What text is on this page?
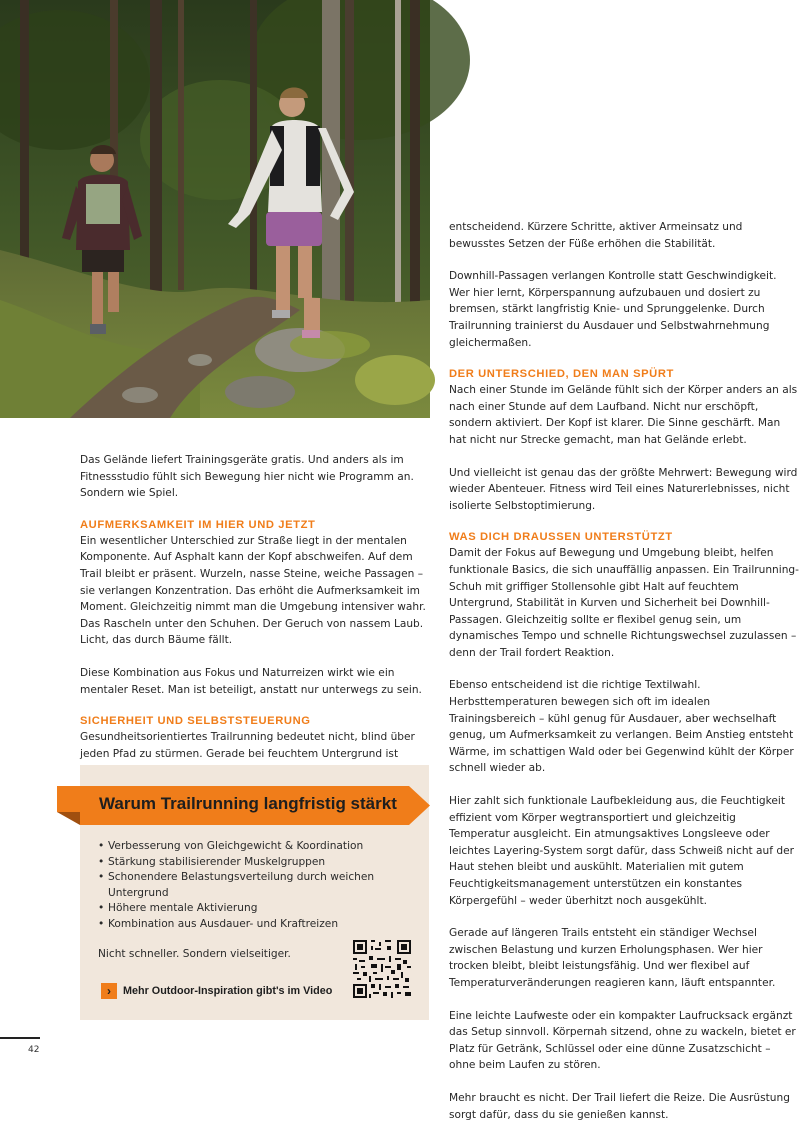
Das Gelände liefert Trainingsgeräte gratis. Und anders als im Fitnessstudio fühlt sich Bewegung hier nicht wie Programm an. Sondern wie Spiel.

AUFMERKSAMKEIT IM HIER UND JETZT

Ein wesentlicher Unterschied zur Straße liegt in der mentalen Komponente. Auf Asphalt kann der Kopf abschweifen. Auf dem Trail bleibt er präsent. Wurzeln, nasse Steine, weiche Passagen – sie verlangen Konzentration. Das erhöht die Aufmerksamkeit im Moment. Gleichzeitig nimmt man die Umgebung intensiver wahr. Das Rascheln unter den Schuhen. Der Geruch von nassem Laub. Licht, das durch Bäume fällt.

Diese Kombination aus Fokus und Naturreizen wirkt wie ein mentaler Reset. Man ist beteiligt, anstatt nur unterwegs zu sein.

SICHERHEIT UND SELBSTSTEUERUNG

Gesundheitsorientiertes Trailrunning bedeutet nicht, blind über jeden Pfad zu stürmen. Gerade bei feuchtem Untergrund ist

entscheidend. Kürzere Schritte, aktiver Armeinsatz und bewusstes Setzen der Füße erhöhen die Stabilität.

Downhill-Passagen verlangen Kontrolle statt Geschwindigkeit. Wer hier lernt, Körperspannung aufzubauen und dosiert zu bremsen, stärkt langfristig Knie- und Sprunggelenke. Durch Trailrunning trainierst du Ausdauer und Selbstwahrnehmung gleichermaßen.

DER UNTERSCHIED, DEN MAN SPÜRT

Nach einer Stunde im Gelände fühlt sich der Körper anders an als nach einer Stunde auf dem Laufband. Nicht nur erschöpft, sondern aktiviert. Der Kopf ist klarer. Die Sinne geschärft. Man hat nicht nur Strecke gemacht, man hat Gelände erlebt.

Und vielleicht ist genau das der größte Mehrwert: Bewegung wird wieder Abenteuer. Fitness wird Teil eines Naturerlebnisses, nicht isolierte Selbstoptimierung.

WAS DICH DRAUSSEN UNTERSTÜTZT

Damit der Fokus auf Bewegung und Umgebung bleibt, helfen funktionale Basics, die sich unauffällig anpassen. Ein Trailrunning-Schuh mit griffiger Stollensohle gibt Halt auf feuchtem Untergrund, Stabilität in Kurven und Sicherheit bei Downhill-Passagen. Gleichzeitig sollte er flexibel genug sein, um dynamisches Tempo und schnelle Richtungswechsel zuzulassen – denn der Trail fordert Reaktion.

Ebenso entscheidend ist die richtige Textilwahl. Herbsttemperaturen bewegen sich oft im idealen Trainingsbereich – kühl genug für Ausdauer, aber wechselhaft genug, um Aufmerksamkeit zu verlangen. Beim Anstieg entsteht Wärme, im schattigen Wald oder bei Gegenwind kühlt der Körper schnell wieder ab.

Hier zahlt sich funktionale Laufbekleidung aus, die Feuchtigkeit effizient vom Körper wegtransportiert und gleichzeitig Temperatur ausgleicht. Ein atmungsaktives Longsleeve oder leichtes Layering-System sorgt dafür, dass Schweiß nicht auf der Haut stehen bleibt und auskühlt. Materialien mit gutem Feuchtigkeitsmanagement unterstützen ein konstantes Körpergefühl – weder überhitzt noch ausgekühlt.

Gerade auf längeren Trails entsteht ein ständiger Wechsel zwischen Belastung und kurzen Erholungsphasen. Wer hier trocken bleibt, bleibt leistungsfähig. Und wer flexibel auf Temperaturveränderungen reagieren kann, läuft entspannter.

Eine leichte Laufweste oder ein kompakter Laufrucksack ergänzt das Setup sinnvoll. Körpernah sitzend, ohne zu wackeln, bietet er Platz für Getränk, Schlüssel oder eine dünne Zusatzschicht – ohne beim Laufen zu stören.

Mehr braucht es nicht. Der Trail liefert die Reize. Die Ausrüstung sorgt dafür, dass du sie genießen kannst.

• Verbesserung von Gleichgewicht & Koordination
• Stärkung stabilisierender Muskelgruppen
• Schonendere Belastungsverteilung durch weichen Untergrund
• Höhere mentale Aktivierung
• Kombination aus Ausdauer- und Kraftreizen
Nicht schneller. Sondern vielseitiger.
›	Mehr Outdoor-Inspiration gibt's im Video
Warum Trailrunning langfristig stärkt
42
